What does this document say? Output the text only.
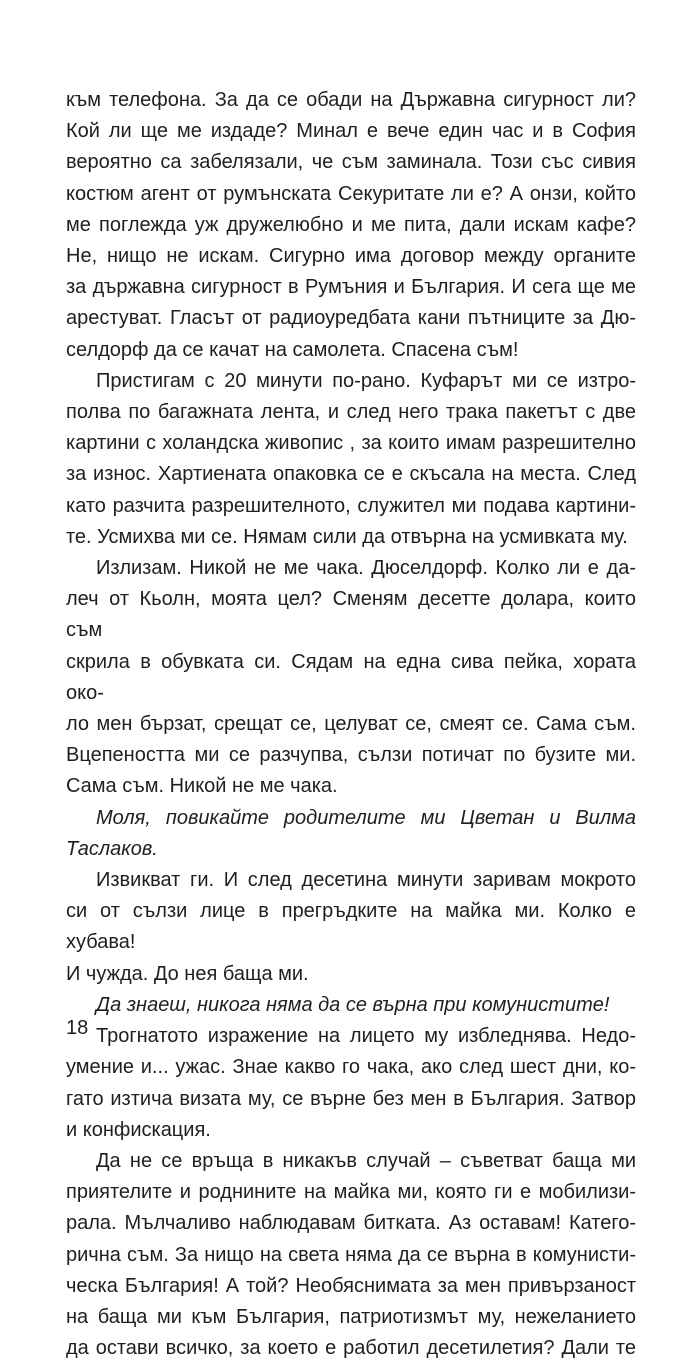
към телефона. За да се обади на Държавна сигурност ли?

Кой ли ще ме издаде? Минал е вече един час и в София

вероятно са забелязали, че съм заминала. Този със сивия

костюм агент от румънската Секуритате ли е? А онзи, който

ме поглежда уж дружелюбно и ме пита, дали искам кафе?

Не, нищо не искам. Сигурно има договор между органите

за държавна сигурност в Румъния и България. И сега ще ме

арестуват. Гласът от радиоуредбата кани пътниците за Дю-

селдорф да се качат на самолета. Спасена съм!

Пристигам с 20 минути по-рано. Куфарът ми се изтро-

полва по багажната лента, и след него трака пакетът с две

картини с холандска живопис , за които имам разрешително

за износ. Хартиената опаковка се е скъсала на места. След

като разчита разрешителното, служител ми подава картини-

те. Усмихва ми се. Нямам сили да отвърна на усмивката му.

Излизам. Никой не ме чака. Дюселдорф. Колко ли е да-

леч от Кьолн, моята цел? Сменям десетте долара, които съм

скрила в обувката си. Сядам на една сива пейка, хората око-

ло мен бързат, срещат се, целуват се, смеят се. Сама съм.

Вцепеността ми се разчупва, сълзи потичат по бузите ми.

Сама съм. Никой не ме чака.

Моля, повикайте родителите ми Цветан и Вилма

Таслаков.

Извикват ги. И след десетина минути заривам мокрото

си от сълзи лице в прегръдките на майка ми. Колко е хубава!

И чужда. До нея баща ми.

Да знаеш, никога няма да се върна при комунистите!

Трогнатото изражение на лицето му избледнява. Недо-

умение и... ужас. Знае какво го чака, ако след шест дни, ко-

гато изтича визата му, се върне без мен в България. Затвор

и конфискация.

Да не се връща в никакъв случай – съветват баща ми

приятелите и роднините на майка ми, която ги е мобилизи-

рала. Мълчаливо наблюдавам битката. Аз оставам! Катего-

рична съм. За нищо на света няма да се върна в комунисти-

ческа България! А той? Необяснимата за мен привързаност

на баща ми към България, патриотизмът му, нежеланието

да остави всичко, за което е работил десетилетия? Дали те

18
